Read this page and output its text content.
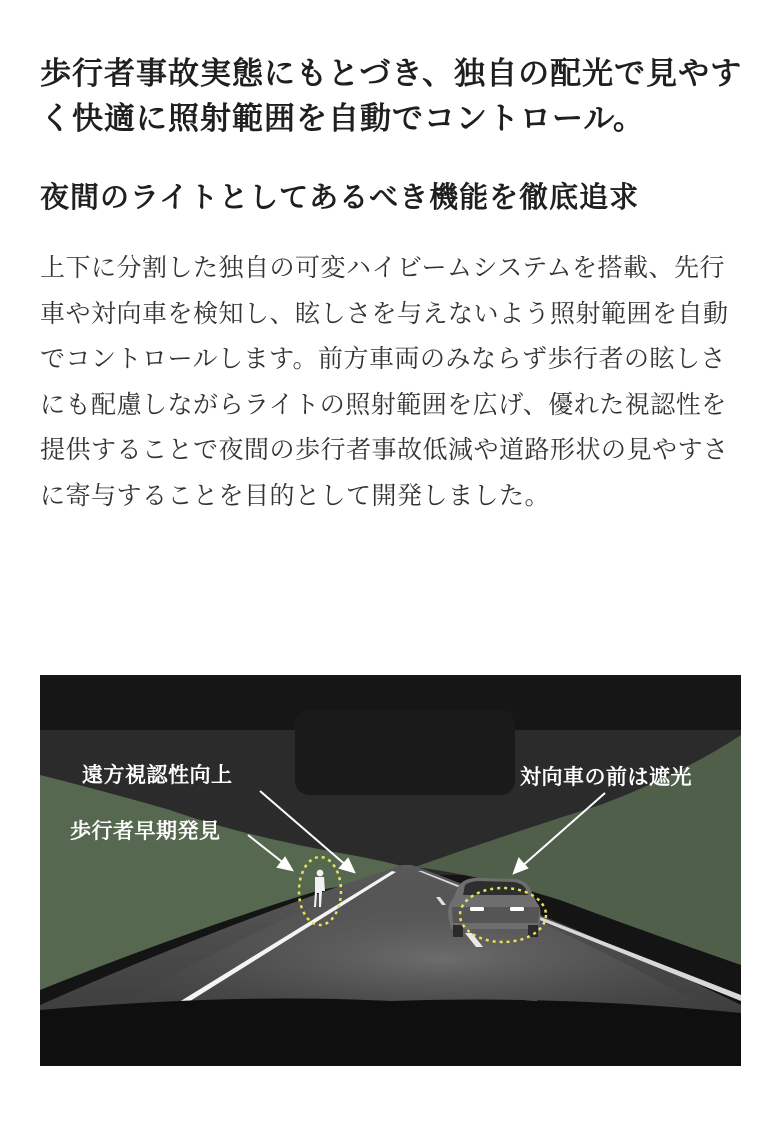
歩行者事故実態にもとづき、独自の配光で見やすく快適に照射範囲を自動でコントロール。
夜間のライトとしてあるべき機能を徹底追求

上下に分割した独自の可変ハイビームシステムを搭載、先行車や対向車を検知し、眩しさを与えないよう照射範囲を自動でコントロールします。前方車両のみならず歩行者の眩しさにも配慮しながらライトの照射範囲を広げ、優れた視認性を提供することで夜間の歩行者事故低減や道路形状の見やすさに寄与することを目的として開発しました。

遠方視認性向上
歩行者早期発見
対向車の前は遮光
